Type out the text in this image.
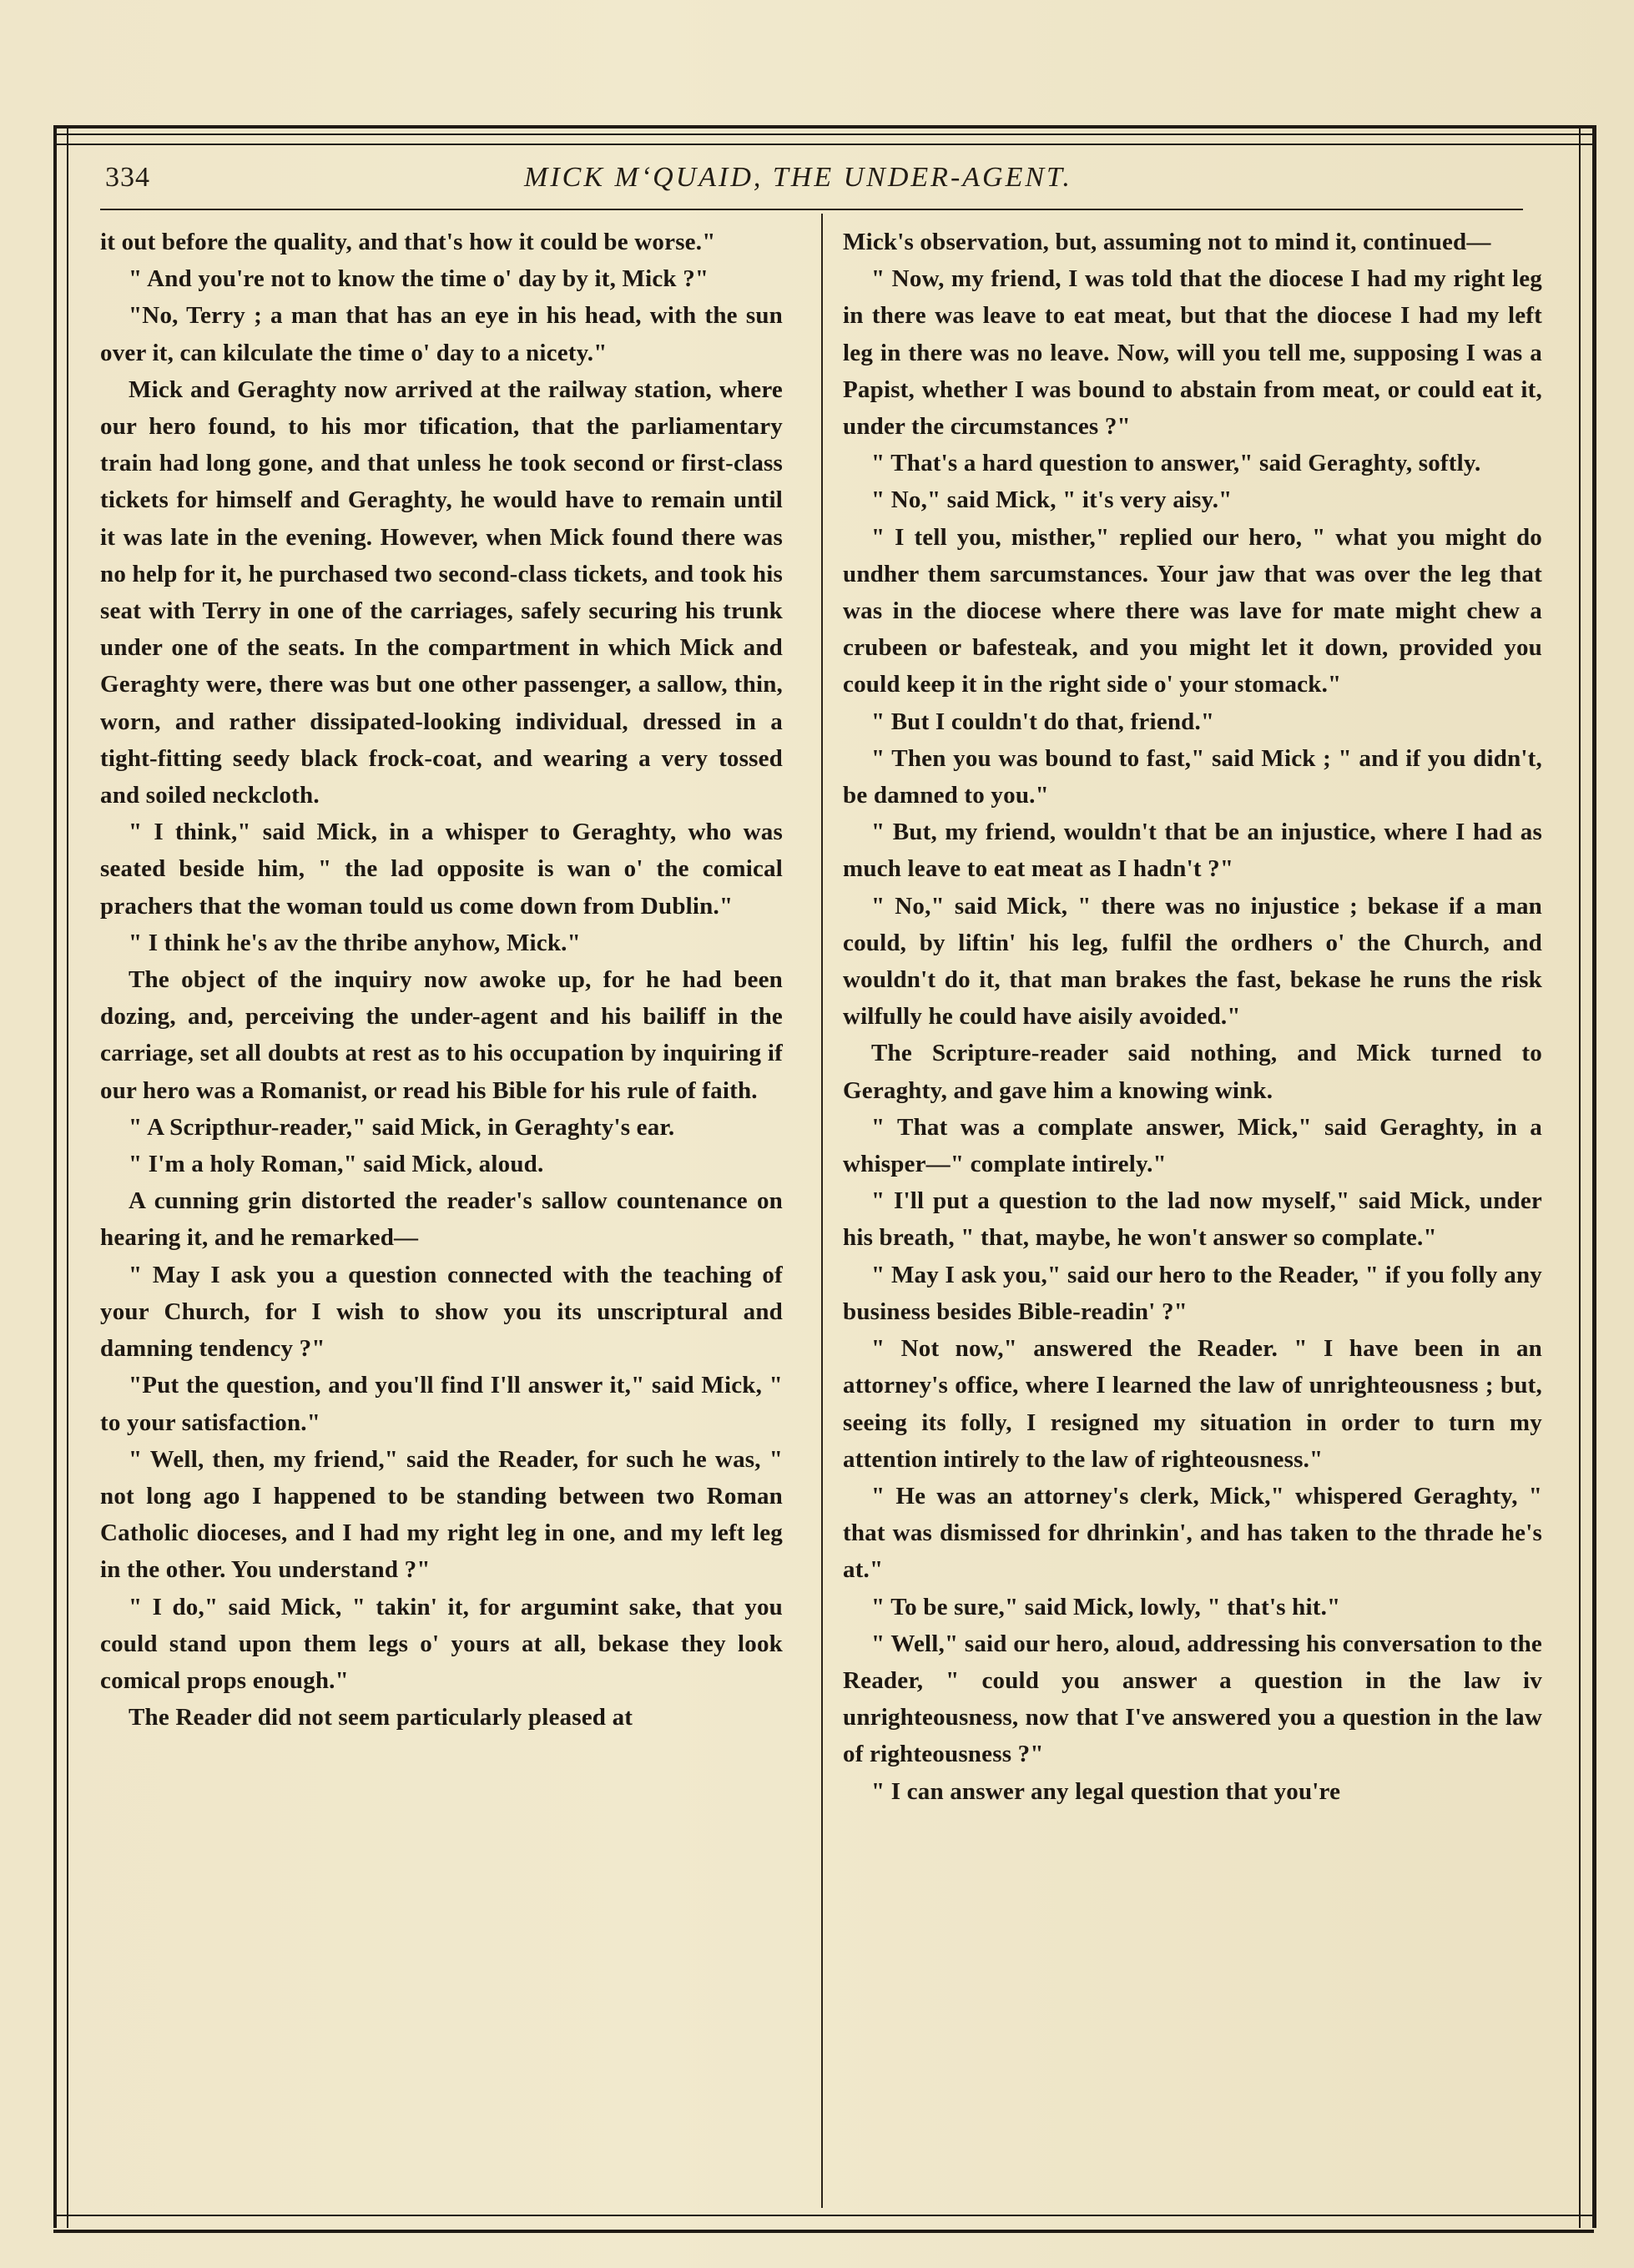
334	MICK M‘QUAID, THE UNDER-AGENT.

it out before the quality, and that's how it could be worse."

" And you're not to know the time o' day by it, Mick ?"

"No, Terry ; a man that has an eye in his head, with the sun over it, can kilculate the time o' day to a nicety."

Mick and Geraghty now arrived at the railway station, where our hero found, to his mor tification, that the parliamentary train had long gone, and that unless he took second or first-class tickets for himself and Geraghty, he would have to remain until it was late in the evening. However, when Mick found there was no help for it, he purchased two second-class tickets, and took his seat with Terry in one of the carriages, safely securing his trunk under one of the seats. In the compartment in which Mick and Geraghty were, there was but one other passenger, a sallow, thin, worn, and rather dissipated-looking individual, dressed in a tight-fitting seedy black frock-coat, and wearing a very tossed and soiled neckcloth.

" I think," said Mick, in a whisper to Geraghty, who was seated beside him, " the lad opposite is wan o' the comical prachers that the woman tould us come down from Dublin."

" I think he's av the thribe anyhow, Mick."

The object of the inquiry now awoke up, for he had been dozing, and, perceiving the under-agent and his bailiff in the carriage, set all doubts at rest as to his occupation by inquiring if our hero was a Romanist, or read his Bible for his rule of faith.

" A Scripthur-reader," said Mick, in Geraghty's ear.

" I'm a holy Roman," said Mick, aloud.

A cunning grin distorted the reader's sallow countenance on hearing it, and he remarked—

" May I ask you a question connected with the teaching of your Church, for I wish to show you its unscriptural and damning tendency ?"

"Put the question, and you'll find I'll answer it," said Mick, " to your satisfaction."

" Well, then, my friend," said the Reader, for such he was, " not long ago I happened to be standing between two Roman Catholic dioceses, and I had my right leg in one, and my left leg in the other. You understand ?"

" I do," said Mick, " takin' it, for argumint sake, that you could stand upon them legs o' yours at all, bekase they look comical props enough."

The Reader did not seem particularly pleased at

Mick's observation, but, assuming not to mind it, continued—

" Now, my friend, I was told that the diocese I had my right leg in there was leave to eat meat, but that the diocese I had my left leg in there was no leave. Now, will you tell me, supposing I was a Papist, whether I was bound to abstain from meat, or could eat it, under the circumstances ?"

" That's a hard question to answer," said Geraghty, softly.

" No," said Mick, " it's very aisy."

" I tell you, misther," replied our hero, " what you might do undher them sarcumstances. Your jaw that was over the leg that was in the diocese where there was lave for mate might chew a crubeen or bafesteak, and you might let it down, provided you could keep it in the right side o' your stomack."

" But I couldn't do that, friend."

" Then you was bound to fast," said Mick ; " and if you didn't, be damned to you."

" But, my friend, wouldn't that be an injustice, where I had as much leave to eat meat as I hadn't ?"

" No," said Mick, " there was no injustice ; bekase if a man could, by liftin' his leg, fulfil the ordhers o' the Church, and wouldn't do it, that man brakes the fast, bekase he runs the risk wilfully he could have aisily avoided."

The Scripture-reader said nothing, and Mick turned to Geraghty, and gave him a knowing wink.

" That was a complate answer, Mick," said Geraghty, in a whisper—" complate intirely."

" I'll put a question to the lad now myself," said Mick, under his breath, " that, maybe, he won't answer so complate."

" May I ask you," said our hero to the Reader, " if you folly any business besides Bible-readin' ?"

" Not now," answered the Reader. " I have been in an attorney's office, where I learned the law of unrighteousness ; but, seeing its folly, I resigned my situation in order to turn my attention intirely to the law of righteousness."

" He was an attorney's clerk, Mick," whispered Geraghty, " that was dismissed for dhrinkin', and has taken to the thrade he's at."

" To be sure," said Mick, lowly, " that's hit."

" Well," said our hero, aloud, addressing his conversation to the Reader, " could you answer a question in the law iv unrighteousness, now that I've answered you a question in the law of righteousness ?"

" I can answer any legal question that you're
